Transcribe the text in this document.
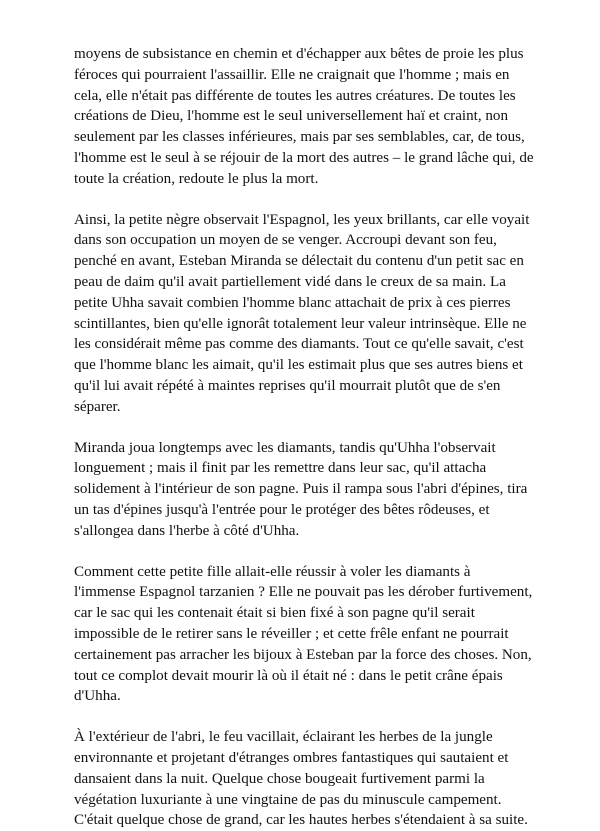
moyens de subsistance en chemin et d'échapper aux bêtes de proie les plus
féroces qui pourraient l'assaillir. Elle ne craignait que l'homme ; mais en
cela, elle n'était pas différente de toutes les autres créatures. De toutes les
créations de Dieu, l'homme est le seul universellement haï et craint, non
seulement par les classes inférieures, mais par ses semblables, car, de tous,
l'homme est le seul à se réjouir de la mort des autres – le grand lâche qui, de
toute la création, redoute le plus la mort.

Ainsi, la petite nègre observait l'Espagnol, les yeux brillants, car elle voyait
dans son occupation un moyen de se venger. Accroupi devant son feu,
penché en avant, Esteban Miranda se délectait du contenu d'un petit sac en
peau de daim qu'il avait partiellement vidé dans le creux de sa main. La
petite Uhha savait combien l'homme blanc attachait de prix à ces pierres
scintillantes, bien qu'elle ignorât totalement leur valeur intrinsèque. Elle ne
les considérait même pas comme des diamants. Tout ce qu'elle savait, c'est
que l'homme blanc les aimait, qu'il les estimait plus que ses autres biens et
qu'il lui avait répété à maintes reprises qu'il mourrait plutôt que de s'en
séparer.

Miranda joua longtemps avec les diamants, tandis qu'Uhha l'observait
longuement ; mais il finit par les remettre dans leur sac, qu'il attacha
solidement à l'intérieur de son pagne. Puis il rampa sous l'abri d'épines, tira
un tas d'épines jusqu'à l'entrée pour le protéger des bêtes rôdeuses, et
s'allongea dans l'herbe à côté d'Uhha.

Comment cette petite fille allait-elle réussir à voler les diamants à
l'immense Espagnol tarzanien ? Elle ne pouvait pas les dérober furtivement,
car le sac qui les contenait était si bien fixé à son pagne qu'il serait
impossible de le retirer sans le réveiller ; et cette frêle enfant ne pourrait
certainement pas arracher les bijoux à Esteban par la force des choses. Non,
tout ce complot devait mourir là où il était né : dans le petit crâne épais
d'Uhha.

À l'extérieur de l'abri, le feu vacillait, éclairant les herbes de la jungle
environnante et projetant d'étranges ombres fantastiques qui sautaient et
dansaient dans la nuit. Quelque chose bougeait furtivement parmi la
végétation luxuriante à une vingtaine de pas du minuscule campement.
C'était quelque chose de grand, car les hautes herbes s'étendaient à sa suite.
